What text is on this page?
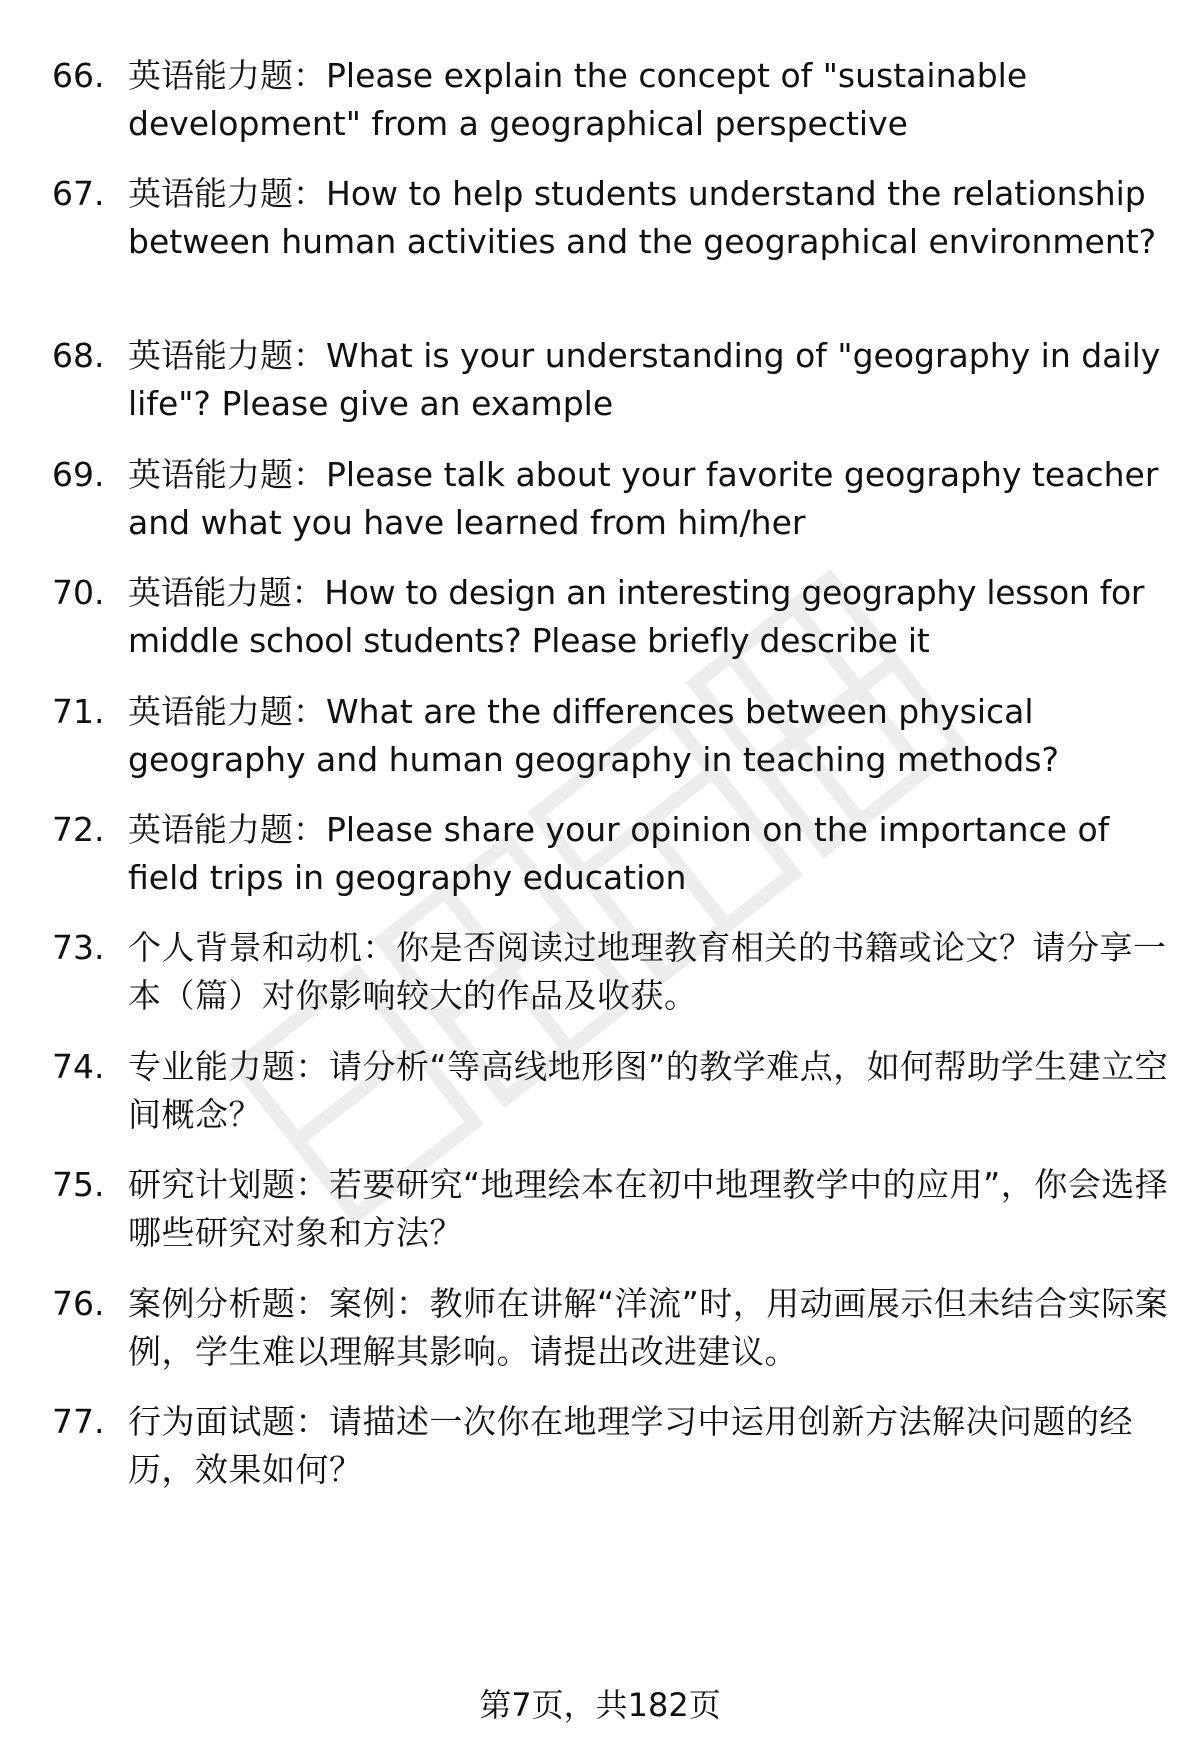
66. 英语能力题：Please explain the concept of "sustainable development" from a geographical perspective
67. 英语能力题：How to help students understand the relationship between human activities and the geographical environment?
68. 英语能力题：What is your understanding of "geography in daily life"? Please give an example
69. 英语能力题：Please talk about your favorite geography teacher and what you have learned from him/her
70. 英语能力题：How to design an interesting geography lesson for middle school students? Please briefly describe it
71. 英语能力题：What are the differences between physical geography and human geography in teaching methods?
72. 英语能力题：Please share your opinion on the importance of field trips in geography education
73. 个人背景和动机：你是否阅读过地理教育相关的书籍或论文？请分享一本（篇）对你影响较大的作品及收获。
74. 专业能力题：请分析“等高线地形图”的教学难点，如何帮助学生建立空间概念？
75. 研究计划题：若要研究“地理绘本在初中地理教学中的应用”，你会选择哪些研究对象和方法？
76. 案例分析题：案例：教师在讲解“洋流”时，用动画展示但未结合实际案例，学生难以理解其影响。请提出改进建议。
77. 行为面试题：请描述一次你在地理学习中运用创新方法解决问题的经历，效果如何？
第7页，共182页
